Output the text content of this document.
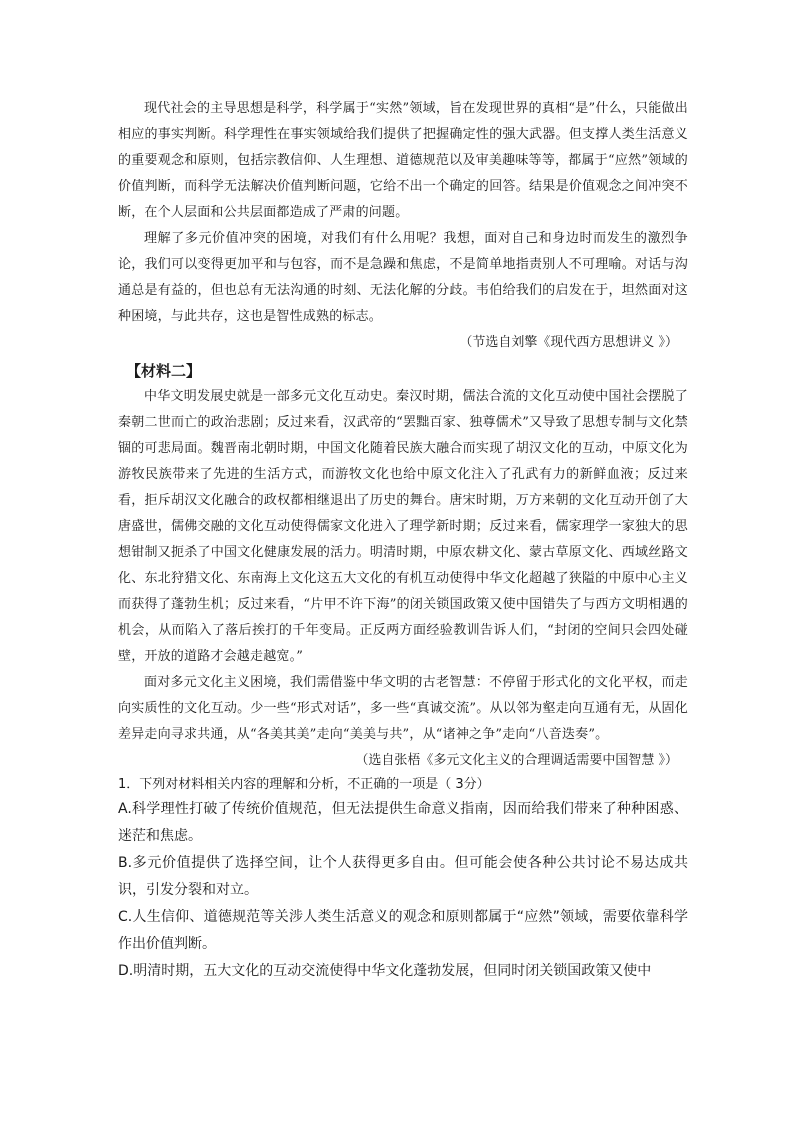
现代社会的主导思想是科学，科学属于“实然”领域，旨在发现世界的真相“是”什么，只能做出相应的事实判断。科学理性在事实领域给我们提供了把握确定性的强大武器。但支撑人类生活意义的重要观念和原则，包括宗教信仰、人生理想、道德规范以及审美趣味等等，都属于“应然”领域的价值判断，而科学无法解决价值判断问题，它给不出一个确定的回答。结果是价值观念之间冲突不断，在个人层面和公共层面都造成了严肃的问题。

理解了多元价值冲突的困境，对我们有什么用呢？我想，面对自己和身边时而发生的激烈争论，我们可以变得更加平和与包容，而不是急躁和焦虑，不是简单地指责别人不可理喻。对话与沟通总是有益的，但也总有无法沟通的时刻、无法化解的分歧。韦伯给我们的启发在于，坦然面对这种困境，与此共存，这也是智性成熟的标志。

（节选自刘擎《现代西方思想讲义 》）

【材料二】

中华文明发展史就是一部多元文化互动史。秦汉时期，儒法合流的文化互动使中国社会摆脱了秦朝二世而亡的政治悲剧；反过来看，汉武帝的“罢黜百家、独尊儒术”又导致了思想专制与文化禁锢的可悲局面。魏晋南北朝时期，中国文化随着民族大融合而实现了胡汉文化的互动，中原文化为游牧民族带来了先进的生活方式，而游牧文化也给中原文化注入了孔武有力的新鲜血液；反过来看，拒斥胡汉文化融合的政权都相继退出了历史的舞台。唐宋时期，万方来朝的文化互动开创了大唐盛世，儒佛交融的文化互动使得儒家文化进入了理学新时期；反过来看，儒家理学一家独大的思想钳制又扼杀了中国文化健康发展的活力。明清时期，中原农耕文化、蒙古草原文化、西域丝路文化、东北狩猎文化、东南海上文化这五大文化的有机互动使得中华文化超越了狭隘的中原中心主义而获得了蓬勃生机；反过来看，“片甲不许下海”的闭关锁国政策又使中国错失了与西方文明相遇的机会，从而陷入了落后挨打的千年变局。正反两方面经验教训告诉人们，“封闭的空间只会四处碰壁，开放的道路才会越走越宽。”

面对多元文化主义困境，我们需借鉴中华文明的古老智慧：不停留于形式化的文化平权，而走向实质性的文化互动。少一些“形式对话”，多一些“真诚交流”。从以邻为壑走向互通有无，从固化差异走向寻求共通，从“各美其美”走向“美美与共”，从“诸神之争”走向“八音迭奏”。

（选自张梧《多元文化主义的合理调适需要中国智慧 》）

1．下列对材料相关内容的理解和分析，不正确的一项是（ 3分）

A.科学理性打破了传统价值规范，但无法提供生命意义指南，因而给我们带来了种种困惑、迷茫和焦虑。

B.多元价值提供了选择空间，让个人获得更多自由。但可能会使各种公共讨论不易达成共识，引发分裂和对立。

C.人生信仰、道德规范等关涉人类生活意义的观念和原则都属于“应然”领域，需要依靠科学作出价值判断。

D.明清时期，五大文化的互动交流使得中华文化蓬勃发展，但同时闭关锁国政策又使中
